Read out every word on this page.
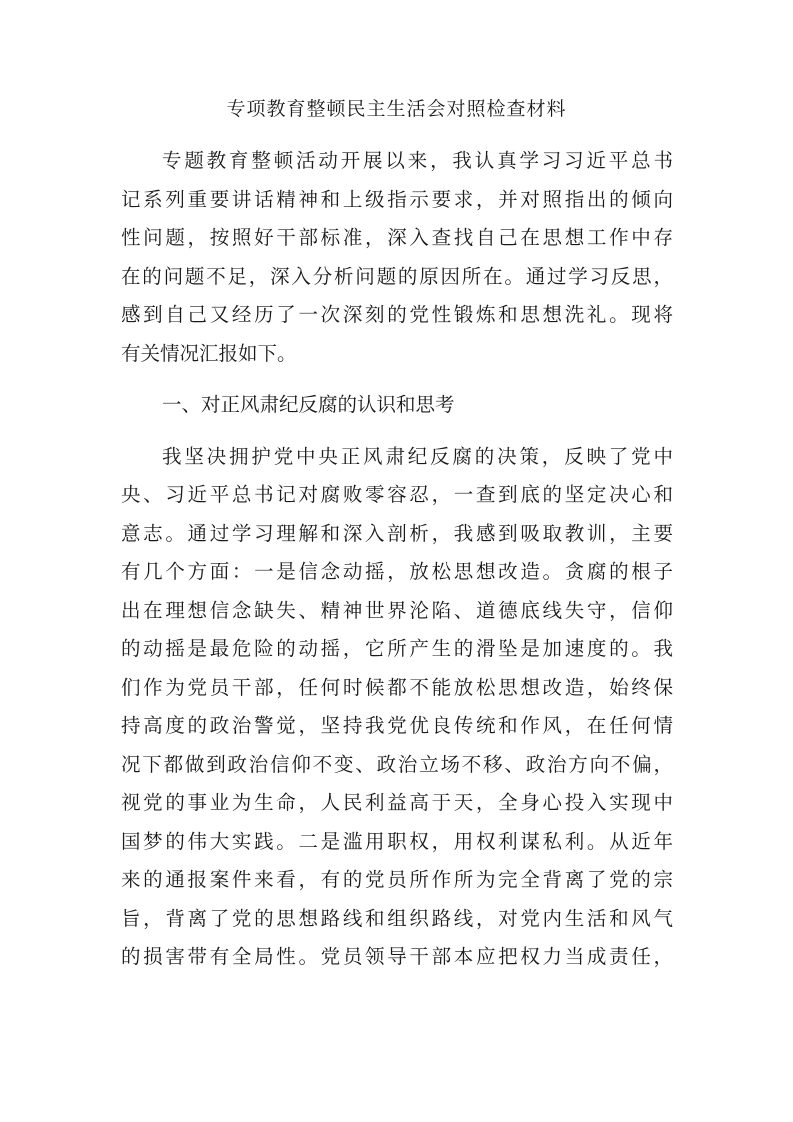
专项教育整顿民主生活会对照检查材料
专题教育整顿活动开展以来，我认真学习习近平总书
记系列重要讲话精神和上级指示要求，并对照指出的倾向
性问题，按照好干部标准，深入查找自己在思想工作中存
在的问题不足，深入分析问题的原因所在。通过学习反思，
感到自己又经历了一次深刻的党性锻炼和思想洗礼。现将
有关情况汇报如下。
一、对正风肃纪反腐的认识和思考
我坚决拥护党中央正风肃纪反腐的决策，反映了党中
央、习近平总书记对腐败零容忍，一查到底的坚定决心和
意志。通过学习理解和深入剖析，我感到吸取教训，主要
有几个方面：一是信念动摇，放松思想改造。贪腐的根子
出在理想信念缺失、精神世界沦陷、道德底线失守，信仰
的动摇是最危险的动摇，它所产生的滑坠是加速度的。我
们作为党员干部，任何时候都不能放松思想改造，始终保
持高度的政治警觉，坚持我党优良传统和作风，在任何情
况下都做到政治信仰不变、政治立场不移、政治方向不偏，
视党的事业为生命，人民利益高于天，全身心投入实现中
国梦的伟大实践。二是滥用职权，用权利谋私利。从近年
来的通报案件来看，有的党员所作所为完全背离了党的宗
旨，背离了党的思想路线和组织路线，对党内生活和风气
的损害带有全局性。党员领导干部本应把权力当成责任，
